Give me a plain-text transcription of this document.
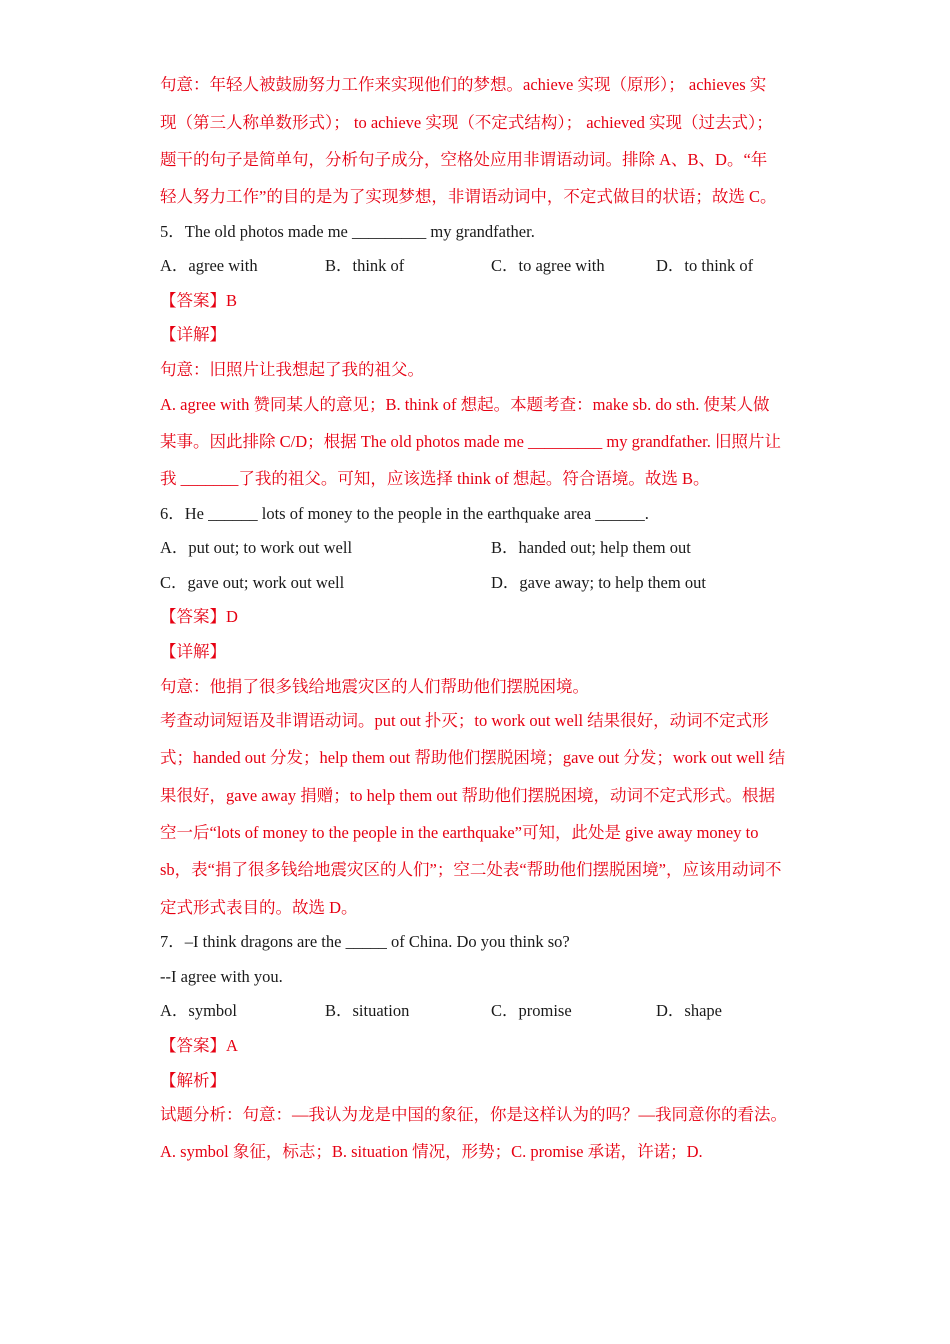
句意：年轻人被鼓励努力工作来实现他们的梦想。achieve 实现（原形）； achieves 实
现（第三人称单数形式）； to achieve 实现（不定式结构）； achieved 实现（过去式）；
题干的句子是简单句，分析句子成分，空格处应用非谓语动词。排除 A、B、D。“年
轻人努力工作”的目的是为了实现梦想，非谓语动词中，不定式做目的状语；故选 C。
5．The old photos made me _________ my grandfather.
A．agree with	B．think of	C．to agree with	D．to think of
【答案】B
【详解】
句意：旧照片让我想起了我的祖父。
A. agree with 赞同某人的意见；B. think of 想起。本题考查：make sb. do sth. 使某人做
某事。因此排除 C/D；根据 The old photos made me _________ my grandfather. 旧照片让
我 _______了我的祖父。可知，应该选择 think of 想起。符合语境。故选 B。
6．He ______ lots of money to the people in the earthquake area ______.
A．put out; to work out well	B．handed out; help them out
C．gave out; work out well	D．gave away; to help them out
【答案】D
【详解】
句意：他捐了很多钱给地震灾区的人们帮助他们摆脱困境。
考查动词短语及非谓语动词。put out 扑灭；to work out well 结果很好，动词不定式形
式；handed out 分发；help them out 帮助他们摆脱困境；gave out 分发；work out well 结
果很好，gave away 捐赠；to help them out 帮助他们摆脱困境，动词不定式形式。根据
空一后“lots of money to the people in the earthquake”可知，此处是 give away money to
sb，表“捐了很多钱给地震灾区的人们”；空二处表“帮助他们摆脱困境”，应该用动词不
定式形式表目的。故选 D。
7．–I think dragons are the _____ of China. Do you think so?
--I agree with you.
A．symbol	B．situation	C．promise	D．shape
【答案】A
【解析】
试题分析：句意：—我认为龙是中国的象征，你是这样认为的吗？—我同意你的看法。
A. symbol 象征，标志；B. situation 情况，形势；C. promise 承诺，许诺；D.
